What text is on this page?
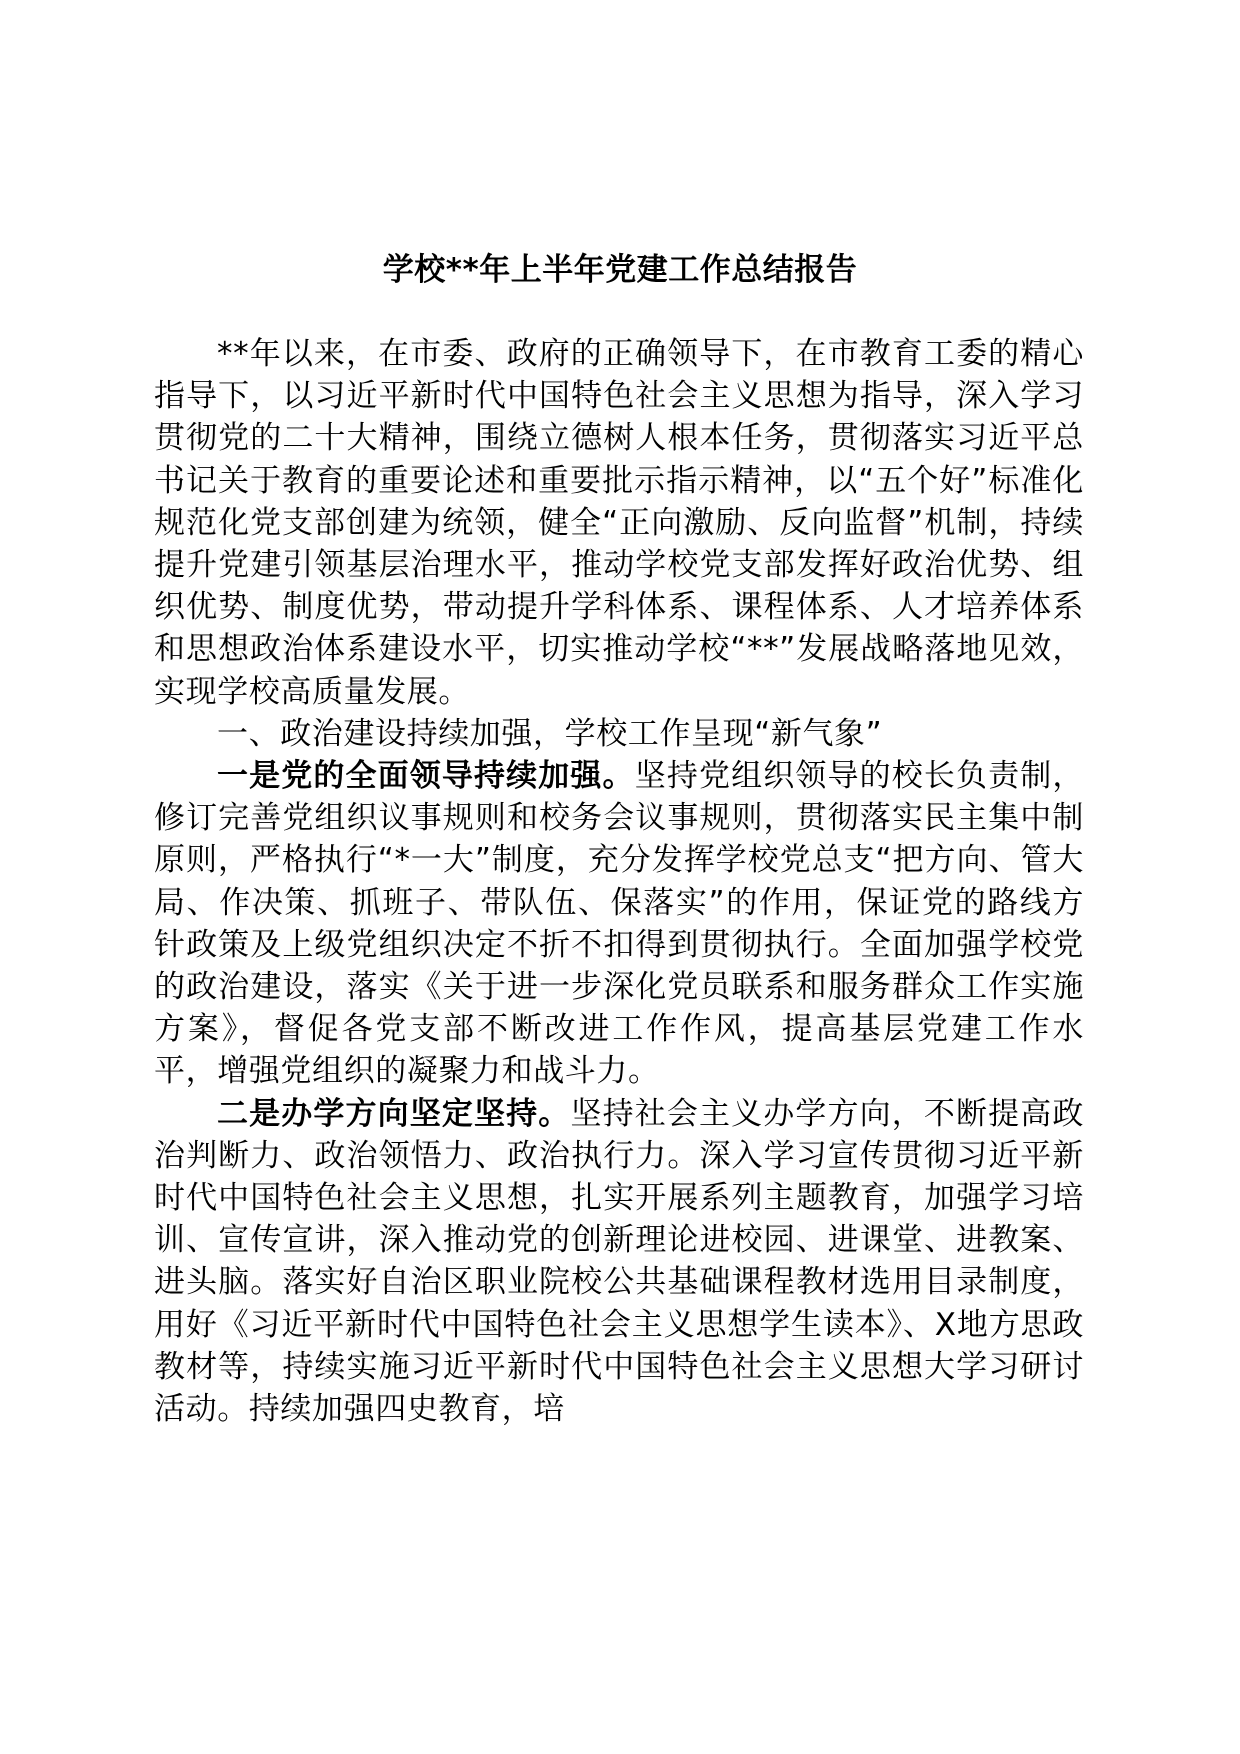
学校**年上半年党建工作总结报告

**年以来，在市委、政府的正确领导下，在市教育工委的精心指导下，以习近平新时代中国特色社会主义思想为指导，深入学习贯彻党的二十大精神，围绕立德树人根本任务，贯彻落实习近平总书记关于教育的重要论述和重要批示指示精神，以“五个好”标准化规范化党支部创建为统领，健全“正向激励、反向监督”机制，持续提升党建引领基层治理水平，推动学校党支部发挥好政治优势、组织优势、制度优势，带动提升学科体系、课程体系、人才培养体系和思想政治体系建设水平，切实推动学校“**”发展战略落地见效，实现学校高质量发展。

一、政治建设持续加强，学校工作呈现“新气象”

一是党的全面领导持续加强。坚持党组织领导的校长负责制，修订完善党组织议事规则和校务会议事规则，贯彻落实民主集中制原则，严格执行“*一大”制度，充分发挥学校党总支“把方向、管大局、作决策、抓班子、带队伍、保落实”的作用，保证党的路线方针政策及上级党组织决定不折不扣得到贯彻执行。全面加强学校党的政治建设，落实《关于进一步深化党员联系和服务群众工作实施方案》，督促各党支部不断改进工作作风，提高基层党建工作水平，增强党组织的凝聚力和战斗力。

二是办学方向坚定坚持。坚持社会主义办学方向，不断提高政治判断力、政治领悟力、政治执行力。深入学习宣传贯彻习近平新时代中国特色社会主义思想，扎实开展系列主题教育，加强学习培训、宣传宣讲，深入推动党的创新理论进校园、进课堂、进教案、进头脑。落实好自治区职业院校公共基础课程教材选用目录制度，用好《习近平新时代中国特色社会主义思想学生读本》、X地方思政教材等，持续实施习近平新时代中国特色社会主义思想大学习研讨活动。持续加强四史教育，培
